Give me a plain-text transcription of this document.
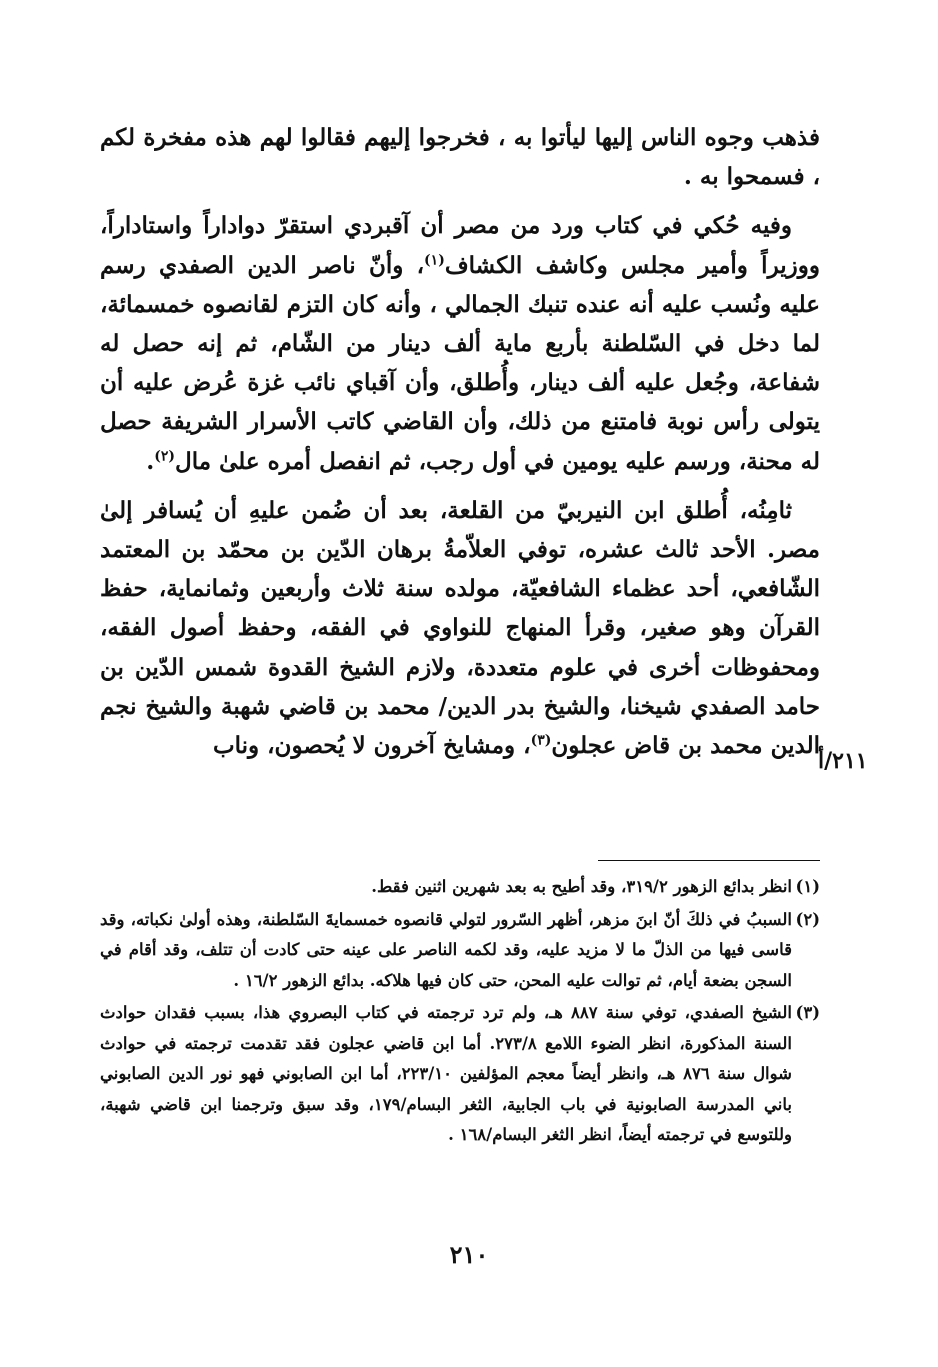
فذهب وجوه الناس إليها ليأتوا به ، فخرجوا إليهم فقالوا لهم هذه مفخرة لكم ، فسمحوا به .

وفيه حُكي في كتاب ورد من مصر أن آقبردي استقرّ دواداراً واستاداراً، ووزيراً وأمير مجلس وكاشف الكشاف$^{(١)}$، وأنّ ناصر الدين الصفدي رسم عليه ونُسب عليه أنه عنده تنبك الجمالي ، وأنه كان التزم لقانصوه خمسمائة، لما دخل في السّلطنة بأربع ماية ألف دينار من الشّام، ثم إنه حصل له شفاعة، وجُعل عليه ألف دينار، وأُطلق، وأن آقباي نائب غزة عُرض عليه أن يتولى رأس نوبة فامتنع من ذلك، وأن القاضي كاتب الأسرار الشريفة حصل له محنة، ورسم عليه يومين في أول رجب، ثم انفصل أمره علىٰ مال$^{(٢)}$.

ثامِنُه، أُطلق ابن النيربيّ من القلعة، بعد أن ضُمن عليهِ أن يُسافر إلىٰ مصر. الأحد ثالث عشره، توفي العلاّمةُ برهان الدّين بن محمّد بن المعتمد الشّافعي، أحد عظماء الشافعيّة، مولده سنة ثلاث وأربعين وثمانماية، حفظ القرآن وهو صغير، وقرأ المنهاج للنواوي في الفقه، وحفظ أصول الفقه، ومحفوظات أخرى في علوم متعددة، ولازم الشيخ القدوة شمس الدّين بن حامد الصفدي شيخنا، والشيخ بدر الدين/ محمد بن قاضي شهبة والشيخ نجم الدين محمد بن قاض عجلون$^{(٣)}$، ومشايخ آخرون لا يُحصون، وناب

٢١١/أ

(١)انظر بدائع الزهور ٣١٩/٢، وقد أطيح به بعد شهرين اثنين فقط.

(٢)السببُ في ذلكَ أنّ ابنَ مزهر، أظهر السّرور لتولي قانصوه خمسمايةَ السّلطنة، وهذه أولىٰ نكباته، وقد قاسى فيها من الذلّ ما لا مزيد عليه، وقد لكمه الناصر على عينه حتى كادت أن تتلف، وقد أقام في السجن بضعة أيام، ثم توالت عليه المحن، حتى كان فيها هلاكه. بدائع الزهور ١٦/٢ .

(٣)الشيخ الصفدي، توفي سنة ٨٨٧ هـ، ولم ترد ترجمته في كتاب البصروي هذا، بسبب فقدان حوادث السنة المذكورة، انظر الضوء اللامع ٢٧٣/٨. أما ابن قاضي عجلون فقد تقدمت ترجمته في حوادث شوال سنة ٨٧٦ هـ، وانظر أيضاً معجم المؤلفين ٢٢٣/١٠، أما ابن الصابوني فهو نور الدين الصابوني باني المدرسة الصابونية في باب الجابية، الثغر البسام/١٧٩، وقد سبق وترجمنا ابن قاضي شهبة، وللتوسع في ترجمته أيضاً، انظر الثغر البسام/١٦٨ .

٢١٠
